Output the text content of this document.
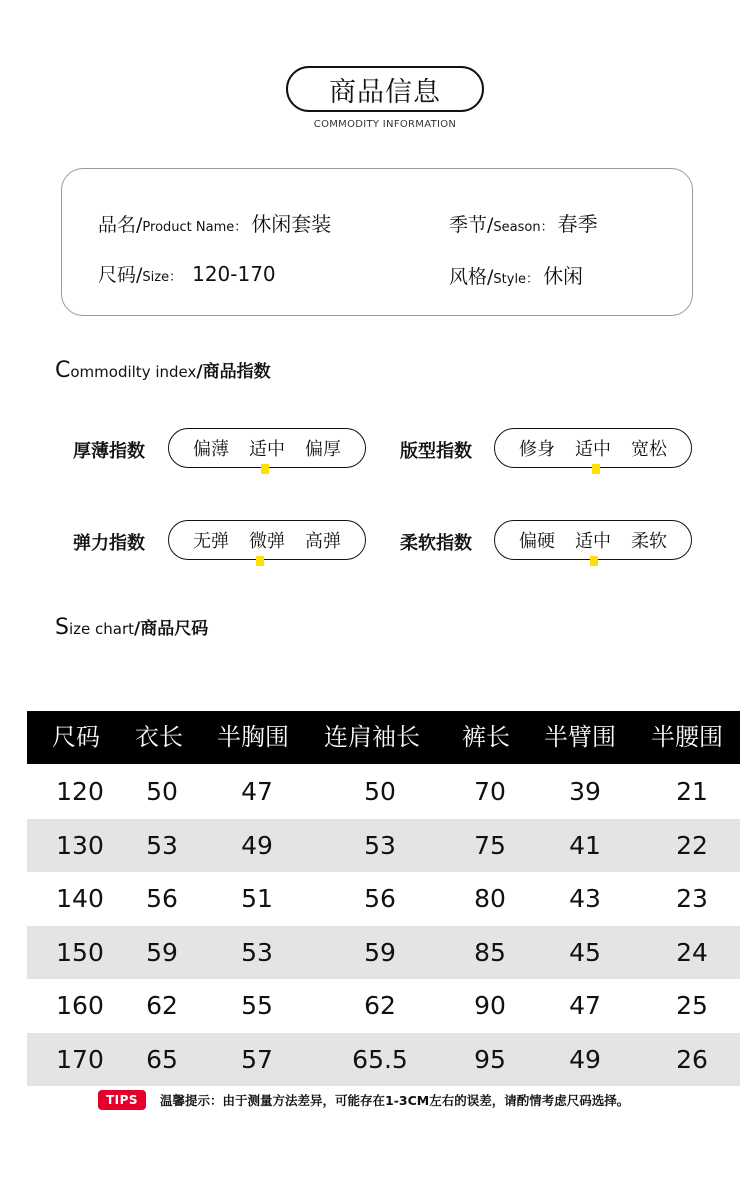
商品信息
COMMODITY INFORMATION
品名/ Product Name： 休闲套装
尺码/ Size： 120-170
季节/ Season： 春季
风格/ Style： 休闲
C ommodilty index /商品指数
厚薄指数	偏薄 适中 偏厚	版型指数	修身 适中 宽松
弹力指数	无弹 微弹 高弹	柔软指数	偏硬 适中 柔软
S ize chart /商品尺码
尺码 衣长 半胸围 连肩袖长 裤长 半臂围 半腰围
120 50	47	50	70	39	21
130 53	49	53	75	41	22
140 56	51	56	80	43	23
150 59	53	59	85	45	24
160 62	55	62	90	47	25
170 65	57	65.5	95	49	26
TIPS	温馨提示：由于测量方法差异，可能存在1-3CM左右的误差，请酌情考虑尺码选择。
